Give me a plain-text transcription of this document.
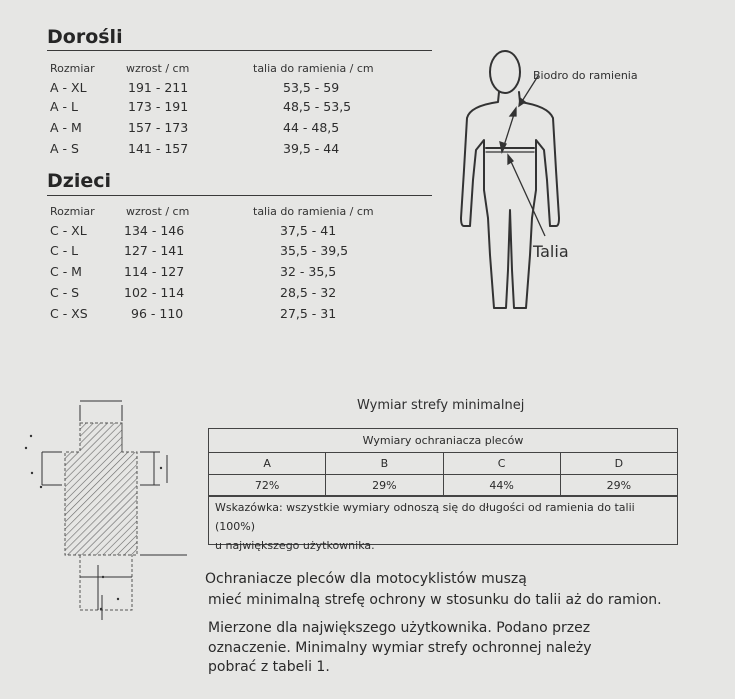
Dorośli
Rozmiar	wzrost / cm	talia do ramienia / cm
A - XL	191 - 211	53,5 - 59
A - L	173 - 191	48,5 - 53,5
A - M	157 - 173	44 - 48,5
A - S	141 - 157	39,5 - 44
Dzieci
Rozmiar	wzrost / cm	talia do ramienia / cm
C - XL	134 - 146	37,5 - 41
C - L	127 - 141	35,5 - 39,5
C - M	114 - 127	32 - 35,5
C - S	102 - 114	28,5 - 32
C - XS	96 - 110	27,5 - 31
Biodro do ramienia
Talia
Wymiar strefy minimalnej
Wymiary ochraniacza pleców			
A	B	C	D
72%	29%	44%	29%
Wskazówka: wszystkie wymiary odnoszą się do długości od ramienia do talii (100%)
u największego użytkownika.
Ochraniacze pleców dla motocyklistów muszą
mieć minimalną strefę ochrony w stosunku do talii aż do ramion.
Mierzone dla największego użytkownika. Podano przez
oznaczenie. Minimalny wymiar strefy ochronnej należy
pobrać z tabeli 1.
